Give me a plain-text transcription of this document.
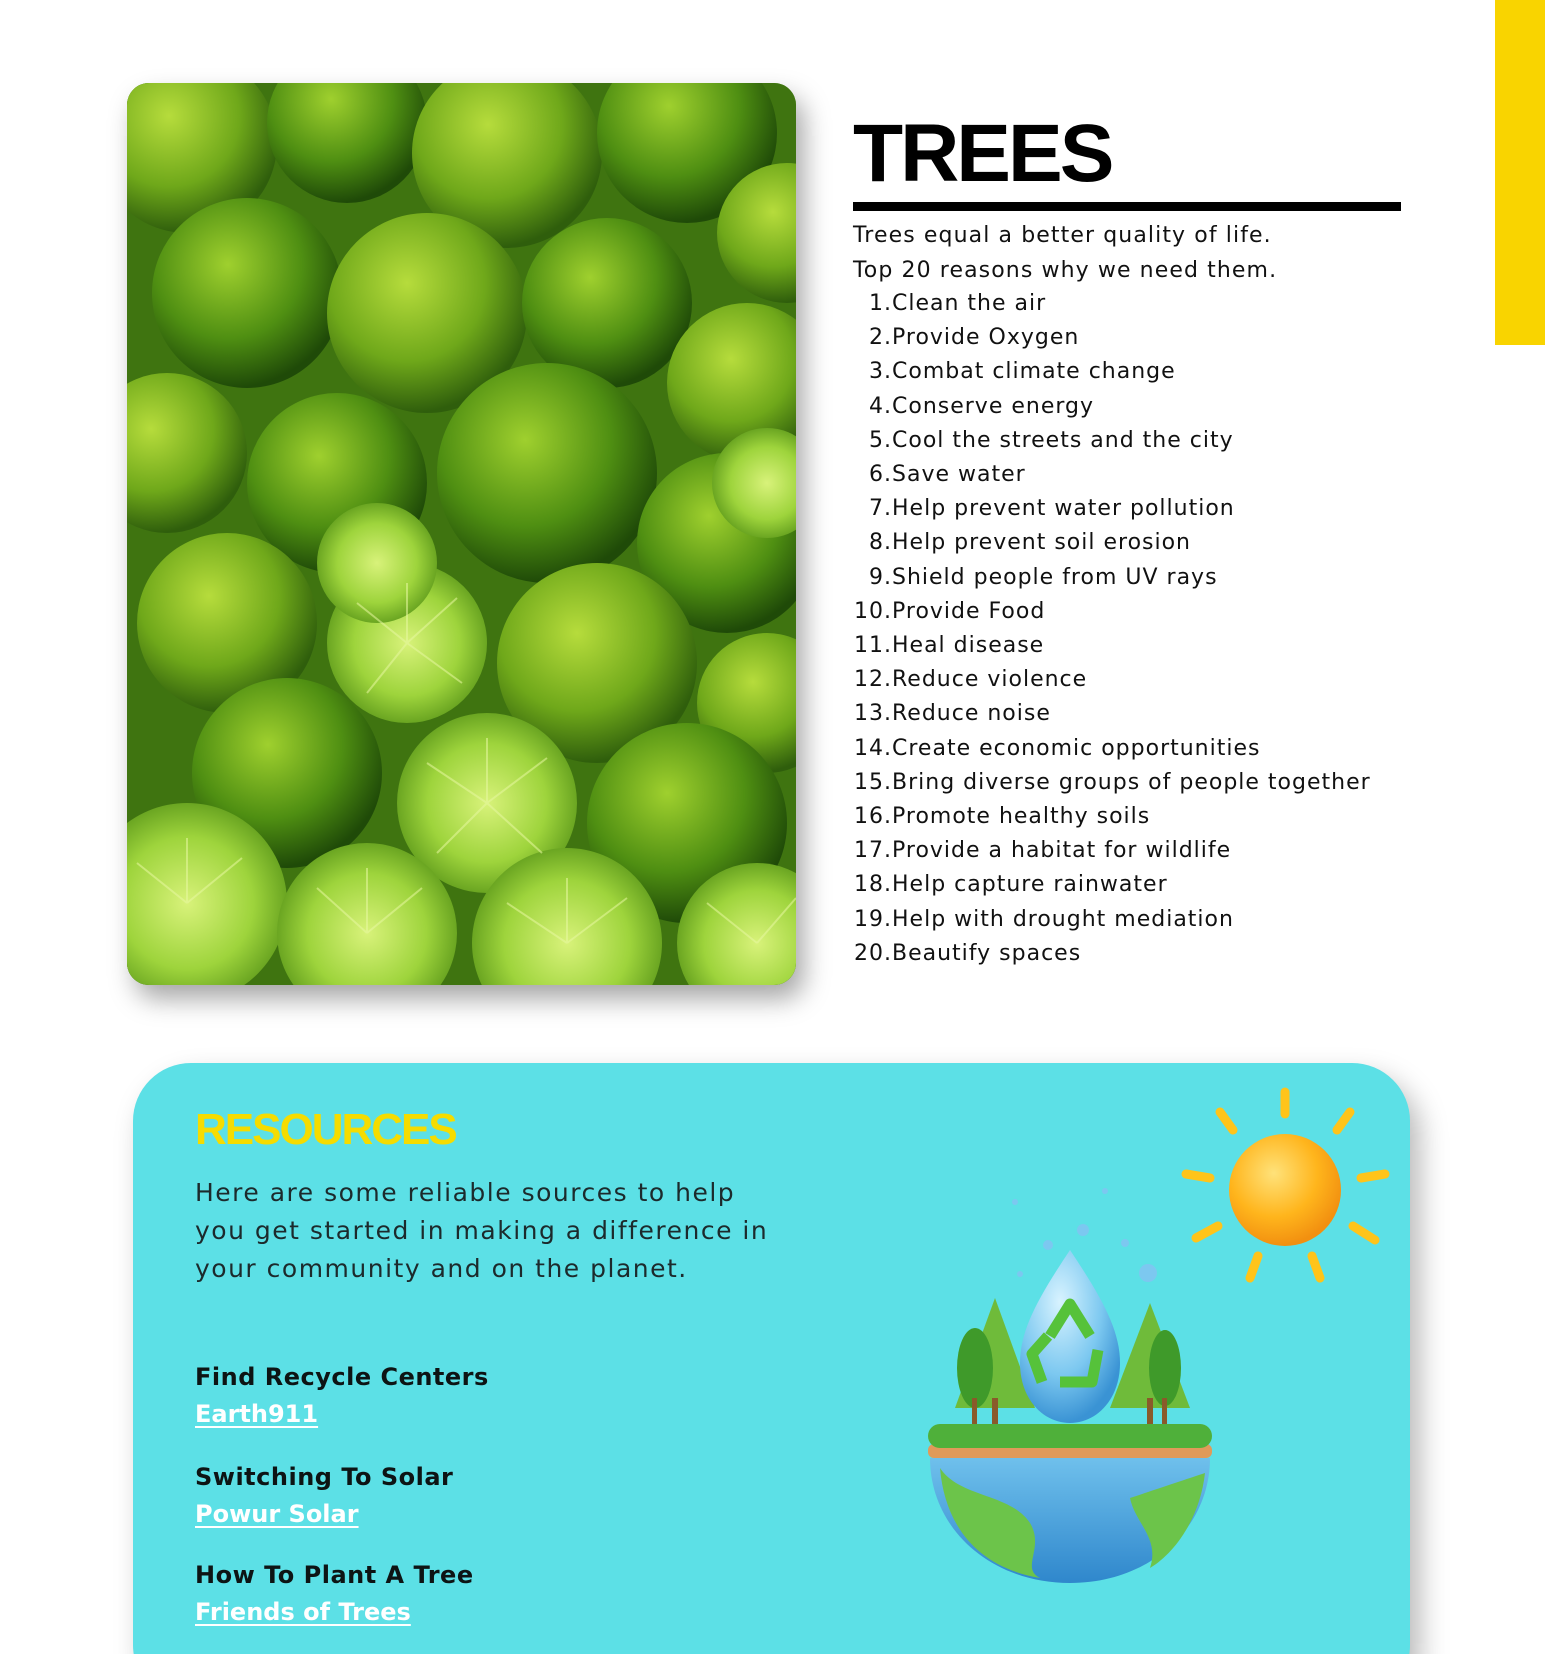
TREES
Trees equal a better quality of life.
Top 20 reasons why we need them.
1. Clean the air
2. Provide Oxygen
3. Combat climate change
4. Conserve energy
5. Cool the streets and the city
6. Save water
7. Help prevent water pollution
8. Help prevent soil erosion
9. Shield people from UV rays
10. Provide Food
11. Heal disease
12. Reduce violence
13. Reduce noise
14. Create economic opportunities
15. Bring diverse groups of people together
16. Promote healthy soils
17. Provide a habitat for wildlife
18. Help capture rainwater
19. Help with drought mediation
20. Beautify spaces
RESOURCES

Here are some reliable sources to help you get started in making a difference in your community and on the planet.

Find Recycle Centers
Earth911
Switching To Solar
Powur Solar
How To Plant A Tree
Friends of Trees
